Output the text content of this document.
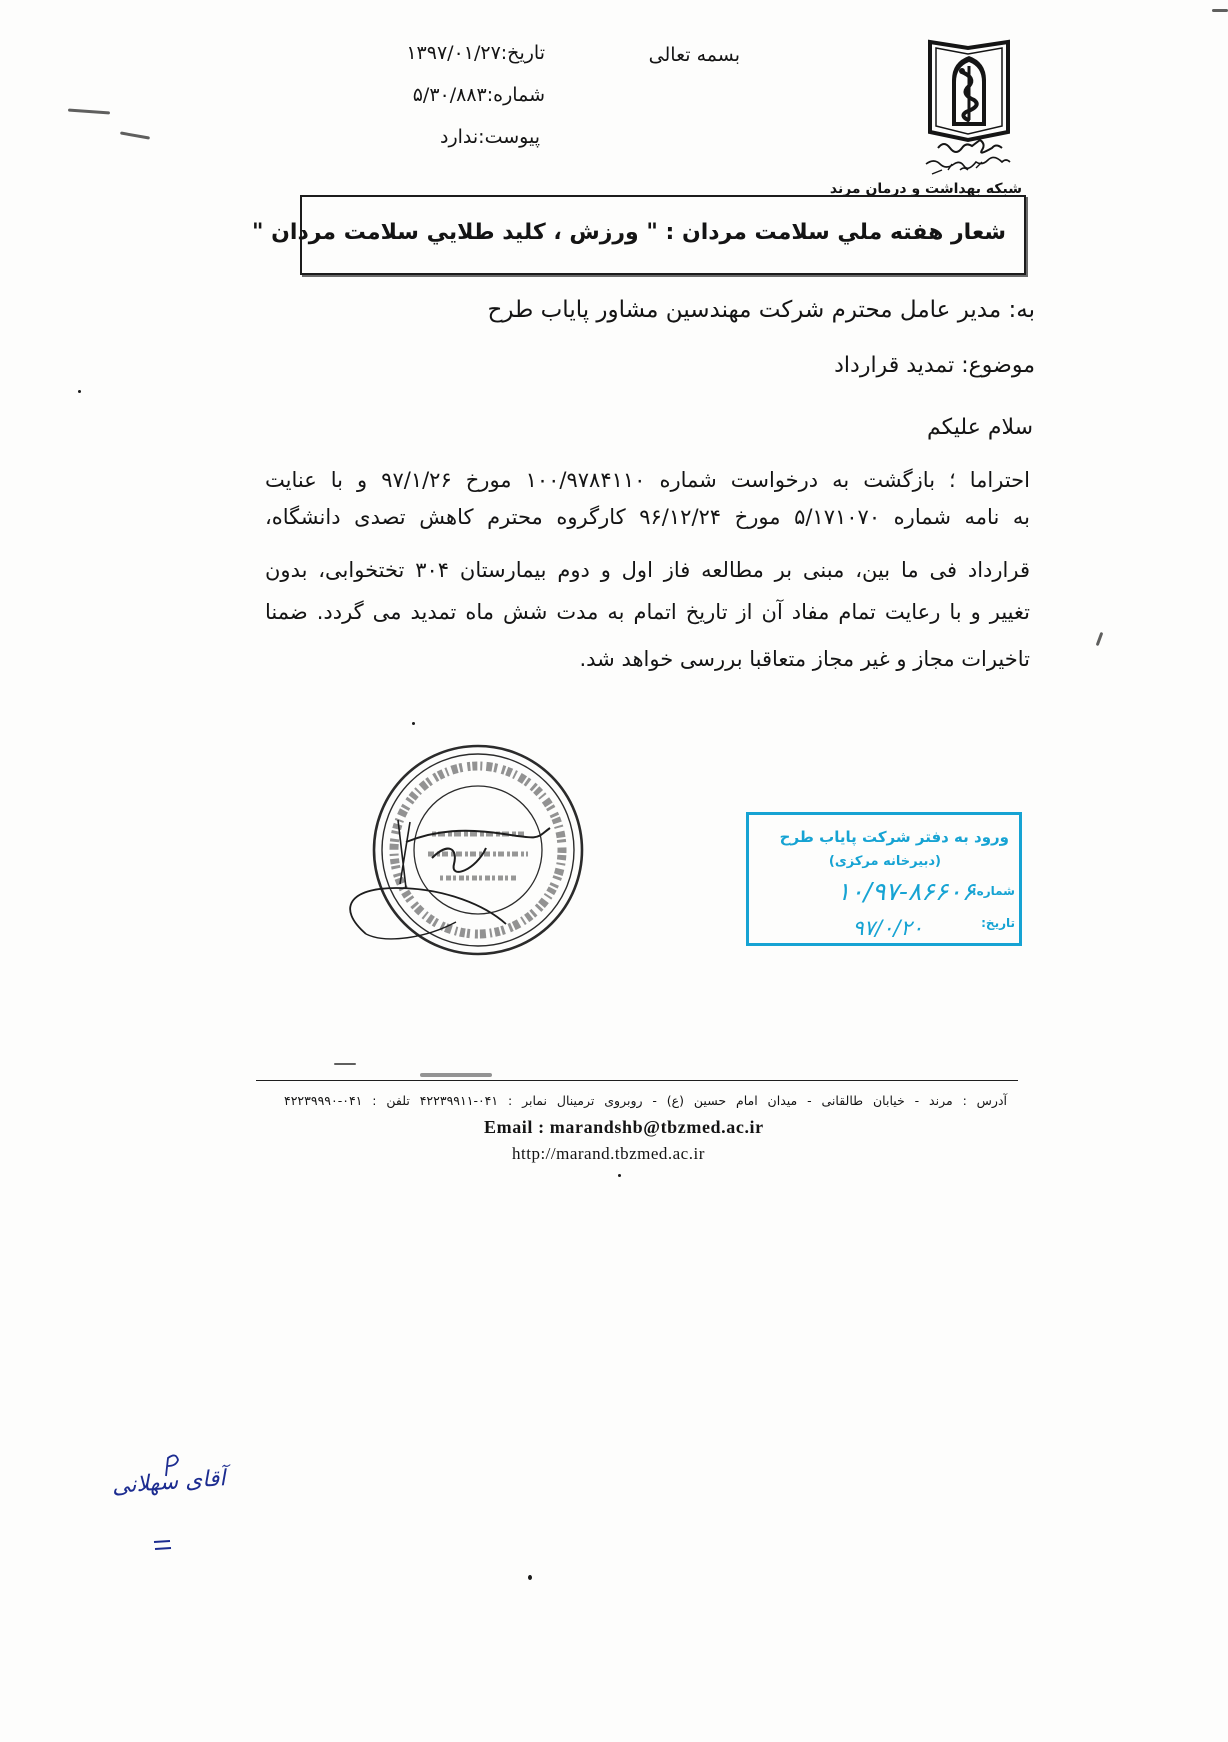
شبکه بهداشت و درمان مرند
بسمه تعالی
تاریخ:۱۳۹۷/۰۱/۲۷
شماره:۵/۳۰/۸۸۳
پیوست:ندارد
شعار هفته ملي سلامت مردان : " ورزش ، كليد طلايي سلامت مردان "
به: مدیر عامل محترم شرکت مهندسین مشاور پایاب طرح
موضوع: تمدید قرارداد
سلام علیکم
احتراما ؛ بازگشت به درخواست شماره ۱۰۰/۹۷۸۴۱۱۰ مورخ ۹۷/۱/۲۶ و با عنایت
به نامه شماره ۵/۱۷۱۰۷۰ مورخ ۹۶/۱۲/۲۴ کارگروه محترم کاهش تصدی دانشگاه،
قرارداد فی ما بین، مبنی بر مطالعه فاز اول و دوم بیمارستان ۳۰۴ تختخوابی، بدون
تغییر و با رعایت تمام مفاد آن از تاریخ اتمام به مدت شش ماه تمدید می گردد. ضمنا
تاخیرات مجاز و غیر مجاز متعاقبا بررسی خواهد شد.
ورود به دفتر شرکت پایاب طرح
(دبیرخانه مرکزی)
شماره:
۱۰/۹۷-۸۶۶۰۶
تاریخ:
۹۷/۰/۲۰
آدرس : مرند - خیابان طالقانی - میدان امام حسین (ع) - روبروی ترمینال نمابر : ۰۴۱-۴۲۲۳۹۹۱۱ تلفن : ۰۴۱-۴۲۲۳۹۹۹۰
Email : marandshb@tbzmed.ac.ir
http://marand.tbzmed.ac.ir
آقای سهلانی
